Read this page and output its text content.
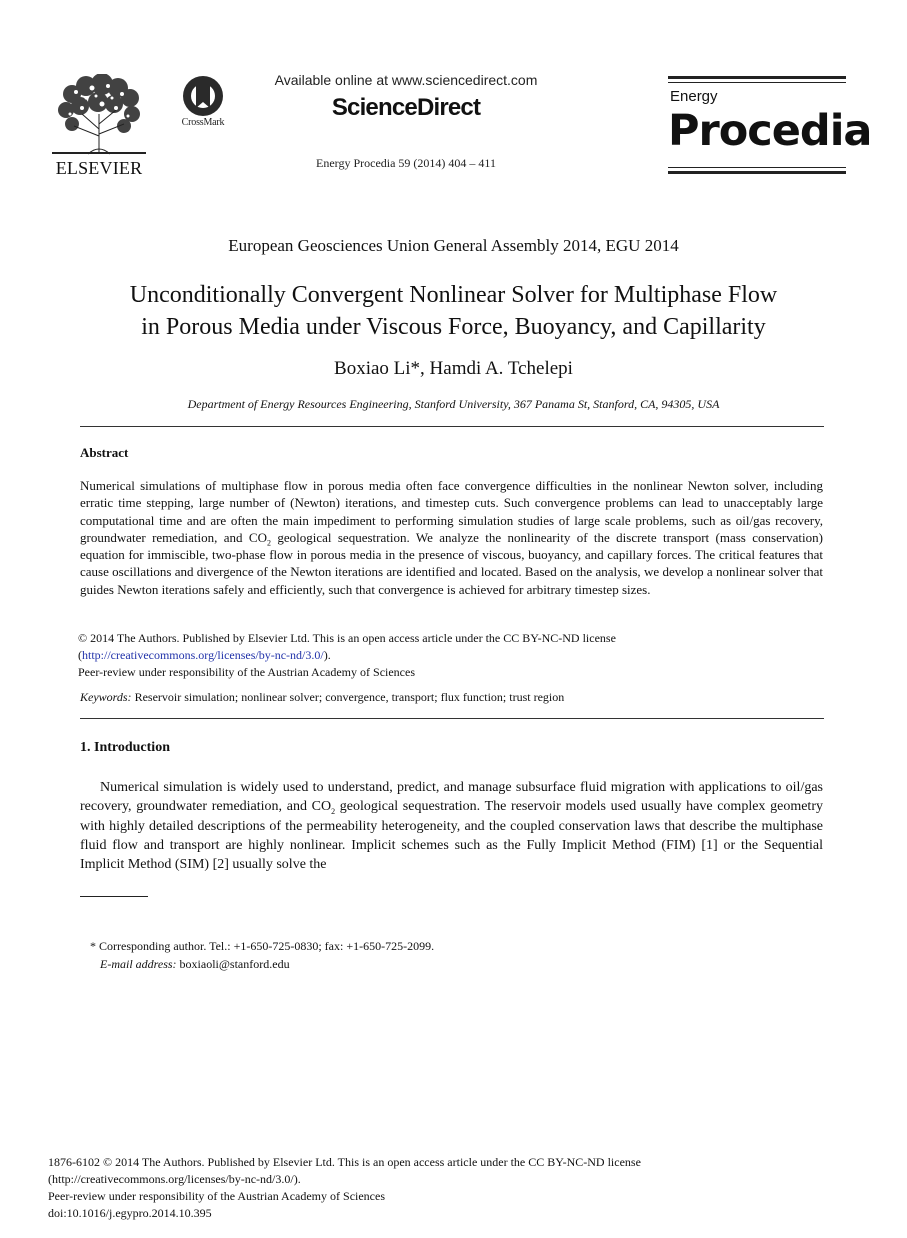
ELSEVIER
CrossMark
Available online at www.sciencedirect.com
ScienceDirect
Energy Procedia 59 (2014) 404 – 411
Energy
Procedia
European Geosciences Union General Assembly 2014, EGU 2014
Unconditionally Convergent Nonlinear Solver for Multiphase Flow
in Porous Media under Viscous Force, Buoyancy, and Capillarity
Boxiao Li*, Hamdi A. Tchelepi
Department of Energy Resources Engineering, Stanford University, 367 Panama St, Stanford, CA, 94305, USA
Abstract
Numerical simulations of multiphase flow in porous media often face convergence difficulties in the nonlinear Newton solver, including erratic time stepping, large number of (Newton) iterations, and timestep cuts. Such convergence problems can lead to unacceptably large computational time and are often the main impediment to performing simulation studies of large scale problems, such as oil/gas recovery, groundwater remediation, and $CO_2$ geological sequestration. We analyze the nonlinearity of the discrete transport (mass conservation) equation for immiscible, two-phase flow in porous media in the presence of viscous, buoyancy, and capillary forces. The critical features that cause oscillations and divergence of the Newton iterations are identified and located. Based on the analysis, we develop a nonlinear solver that guides Newton iterations safely and efficiently, such that convergence is achieved for arbitrary timestep sizes.
© 2014 The Authors. Published by Elsevier Ltd. This is an open access article under the CC BY-NC-ND license
(http://creativecommons.org/licenses/by-nc-nd/3.0/).
Peer-review under responsibility of the Austrian Academy of Sciences
Keywords: Reservoir simulation; nonlinear solver; convergence, transport; flux function; trust region
1. Introduction
Numerical simulation is widely used to understand, predict, and manage subsurface fluid migration with applications to oil/gas recovery, groundwater remediation, and $CO_2$ geological sequestration. The reservoir models used usually have complex geometry with highly detailed descriptions of the permeability heterogeneity, and the coupled conservation laws that describe the multiphase fluid flow and transport are highly nonlinear. Implicit schemes such as the Fully Implicit Method (FIM) [1] or the Sequential Implicit Method (SIM) [2] usually solve the
* Corresponding author. Tel.: +1-650-725-0830; fax: +1-650-725-2099.
E-mail address: boxiaoli@stanford.edu
1876-6102 © 2014 The Authors. Published by Elsevier Ltd. This is an open access article under the CC BY-NC-ND license
(http://creativecommons.org/licenses/by-nc-nd/3.0/).
Peer-review under responsibility of the Austrian Academy of Sciences
doi:10.1016/j.egypro.2014.10.395
